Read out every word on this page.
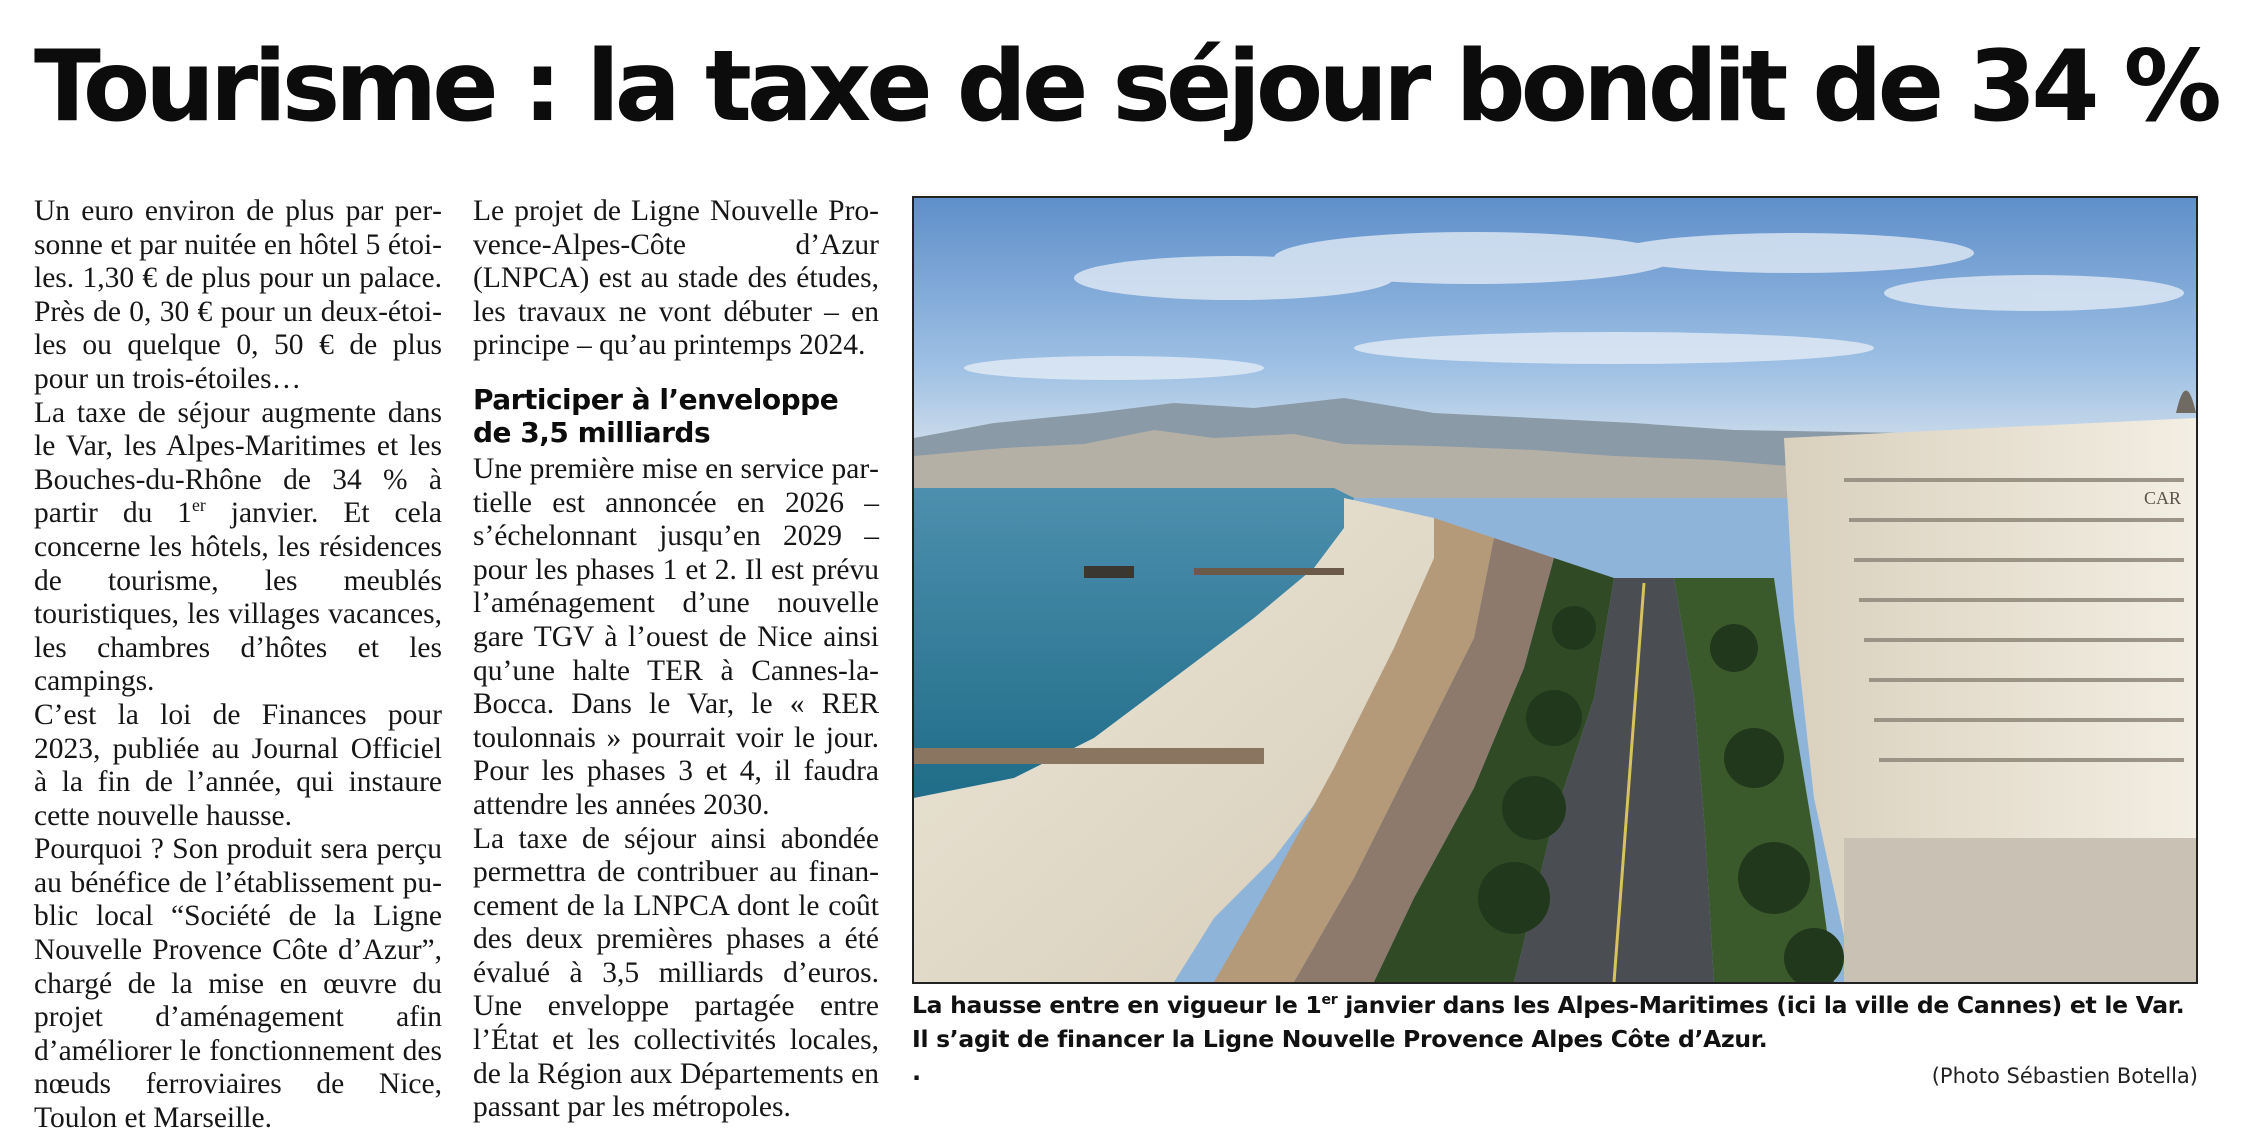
Tourisme : la taxe de séjour bondit de 34 %

Un euro environ de plus par personne et par nuitée en hôtel 5 étoiles. 1,30 € de plus pour un palace. Près de 0, 30 € pour un deux-étoiles ou quelque 0, 50 € de plus pour un trois-étoiles…

La taxe de séjour augmente dans le Var, les Alpes-Maritimes et les Bouches-du-Rhône de 34 % à partir du 1er janvier. Et cela concerne les hôtels, les résidences de tourisme, les meublés touristiques, les villages vacances, les chambres d’hôtes et les campings.

C’est la loi de Finances pour 2023, publiée au Journal Officiel à la fin de l’année, qui instaure cette nouvelle hausse.

Pourquoi ? Son produit sera perçu au bénéfice de l’établissement public local “Société de la Ligne Nouvelle Provence Côte d’Azur”, chargé de la mise en œuvre du projet d’aménagement afin d’améliorer le fonctionnement des nœuds ferroviaires de Nice, Toulon et Marseille.

Le projet de Ligne Nouvelle Provence-Alpes-Côte d’Azur (LNPCA) est au stade des études, les travaux ne vont débuter – en principe – qu’au printemps 2024.

Participer à l’enveloppe de 3,5 milliards

Une première mise en service partielle est annoncée en 2026 – s’échelonnant jusqu’en 2029 – pour les phases 1 et 2. Il est prévu l’aménagement d’une nouvelle gare TGV à l’ouest de Nice ainsi qu’une halte TER à Cannes-la-Bocca. Dans le Var, le « RER toulonnais » pourrait voir le jour. Pour les phases 3 et 4, il faudra attendre les années 2030.

La taxe de séjour ainsi abondée permettra de contribuer au financement de la LNPCA dont le coût des deux premières phases a été évalué à 3,5 milliards d’euros. Une enveloppe partagée entre l’État et les collectivités locales, de la Région aux Départements en passant par les métropoles.

CAR

La hausse entre en vigueur le 1er janvier dans les Alpes-Maritimes (ici la ville de Cannes) et le Var.
Il s’agit de financer la Ligne Nouvelle Provence Alpes Côte d’Azur.

.	(Photo Sébastien Botella)
